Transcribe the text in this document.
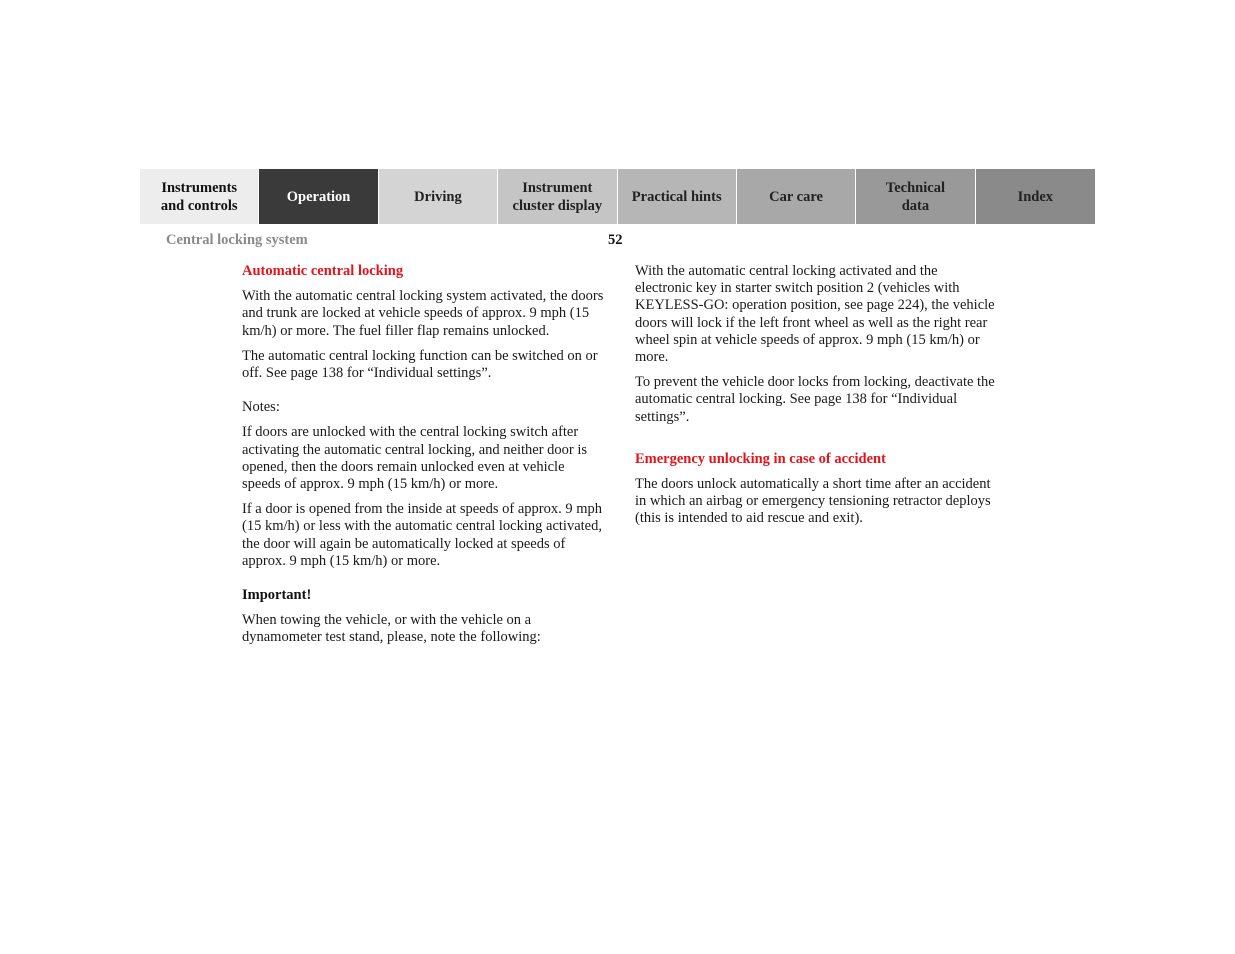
Instruments
and controls
Operation	Driving
Instrument
cluster display
Practical hints	Car care
Technical
data
Index
Central locking system	52
Automatic central locking

With the automatic central locking system activated, the doors and trunk are locked at vehicle speeds of approx. 9 mph (15 km/h) or more. The fuel filler flap remains unlocked.

The automatic central locking function can be switched on or off. See page 138 for “Individual settings”.

Notes:

If doors are unlocked with the central locking switch after activating the automatic central locking, and neither door is opened, then the doors remain unlocked even at vehicle speeds of approx. 9 mph (15 km/h) or more.

If a door is opened from the inside at speeds of approx. 9 mph (15 km/h) or less with the automatic central locking activated, the door will again be automatically locked at speeds of approx. 9 mph (15 km/h) or more.

Important!

When towing the vehicle, or with the vehicle on a dynamometer test stand, please, note the following:

With the automatic central locking activated and the electronic key in starter switch position 2 (vehicles with KEYLESS-GO: operation position, see page 224), the vehicle doors will lock if the left front wheel as well as the right rear wheel spin at vehicle speeds of approx. 9 mph (15 km/h) or more.

To prevent the vehicle door locks from locking, deactivate the automatic central locking. See page 138 for “Individual settings”.

Emergency unlocking in case of accident

The doors unlock automatically a short time after an accident in which an airbag or emergency tensioning retractor deploys (this is intended to aid rescue and exit).
